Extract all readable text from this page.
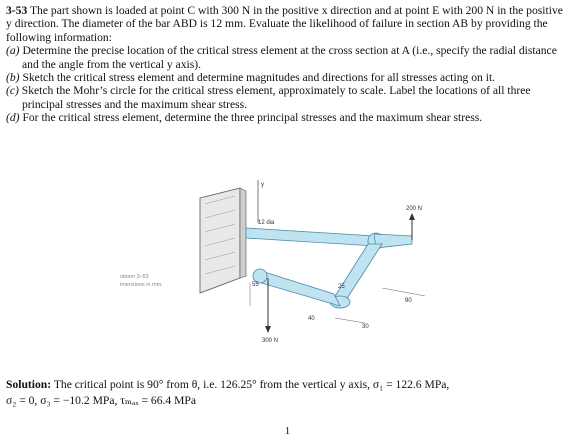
3-53 The part shown is loaded at point C with 300 N in the positive x direction and at point E with 200 N in the positive y direction. The diameter of the bar ABD is 12 mm. Evaluate the likelihood of failure in section AB by providing the following information:

(a) Determine the precise location of the critical stress element at the cross section at A (i.e., specify the radial distance and the angle from the vertical y axis).
(b) Sketch the critical stress element and determine magnitudes and directions for all stresses acting on it.
(c) Sketch the Mohr’s circle for the critical stress element, approximately to scale. Label the locations of all three principal stresses and the maximum shear stress.
(d) For the critical stress element, determine the three principal stresses and the maximum shear stress.
y
200 N
12 dia
300 N
55
40
30
90
25
oblem 3–53
imensions in mm.
Solution: The critical point is 90° from θ, i.e. 126.25° from the vertical y axis, σ₁ = 122.6 MPa,
σ₂ = 0, σ₃ = −10.2 MPa, τₘₐₓ = 66.4 MPa
1
